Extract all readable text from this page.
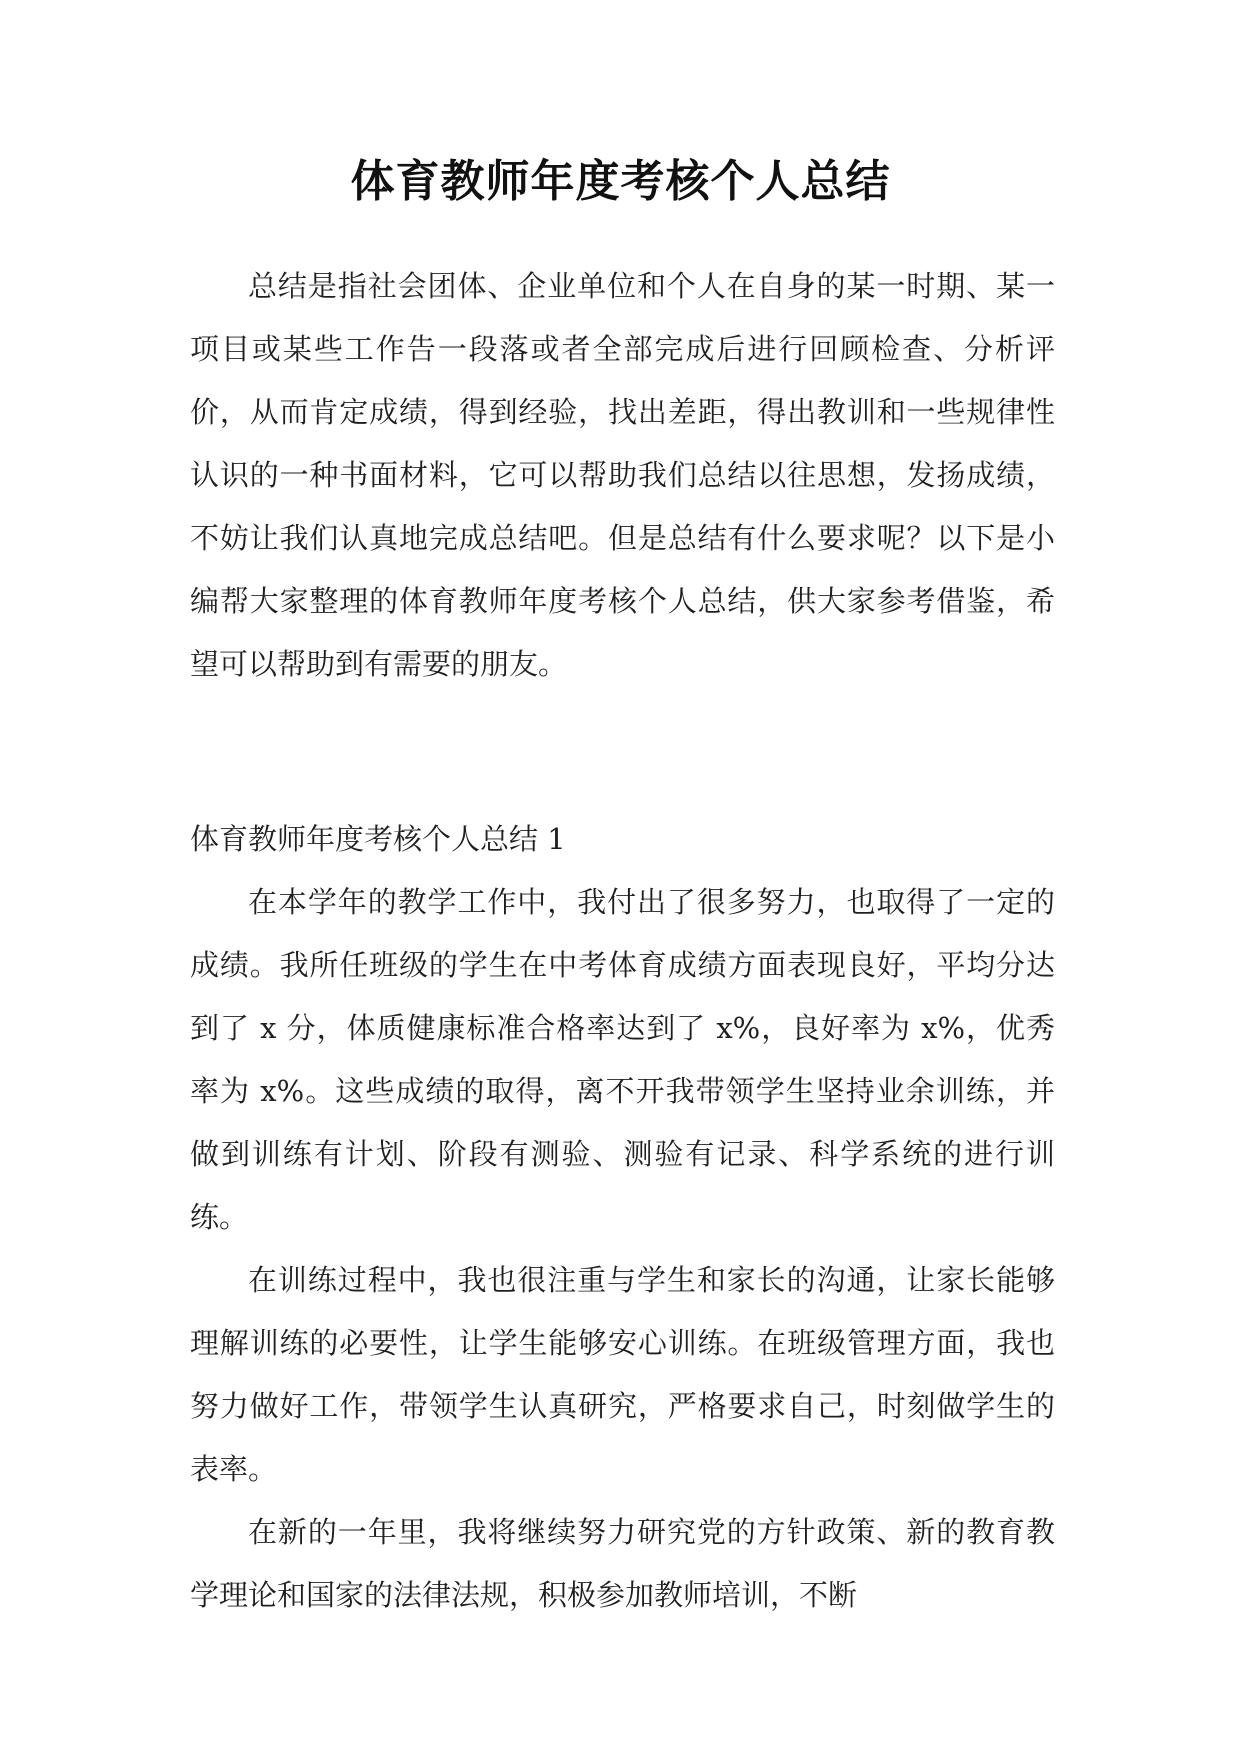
体育教师年度考核个人总结

总结是指社会团体、企业单位和个人在自身的某一时期、某一项目或某些工作告一段落或者全部完成后进行回顾检查、分析评价，从而肯定成绩，得到经验，找出差距，得出教训和一些规律性认识的一种书面材料，它可以帮助我们总结以往思想，发扬成绩，不妨让我们认真地完成总结吧。但是总结有什么要求呢？以下是小编帮大家整理的体育教师年度考核个人总结，供大家参考借鉴，希望可以帮助到有需要的朋友。

体育教师年度考核个人总结 1

在本学年的教学工作中，我付出了很多努力，也取得了一定的成绩。我所任班级的学生在中考体育成绩方面表现良好，平均分达到了 x 分，体质健康标准合格率达到了 x%，良好率为 x%，优秀率为 x%。这些成绩的取得，离不开我带领学生坚持业余训练，并做到训练有计划、阶段有测验、测验有记录、科学系统的进行训练。

在训练过程中，我也很注重与学生和家长的沟通，让家长能够理解训练的必要性，让学生能够安心训练。在班级管理方面，我也努力做好工作，带领学生认真研究，严格要求自己，时刻做学生的表率。

在新的一年里，我将继续努力研究党的方针政策、新的教育教学理论和国家的法律法规，积极参加教师培训，不断
